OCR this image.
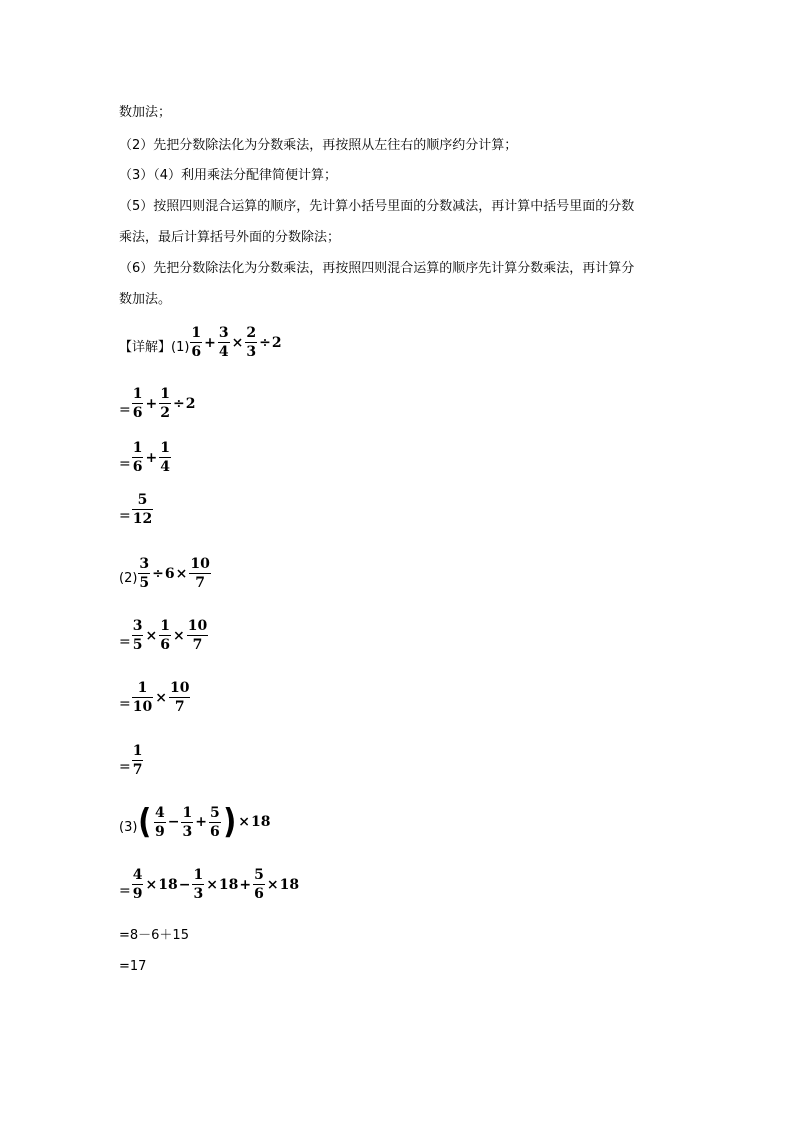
数加法；
（2）先把分数除法化为分数乘法，再按照从左往右的顺序约分计算；
（3）（4）利用乘法分配律简便计算；
（5）按照四则混合运算的顺序，先计算小括号里面的分数减法，再计算中括号里面的分数
乘法，最后计算括号外面的分数除法；
（6）先把分数除法化为分数乘法，再按照四则混合运算的顺序先计算分数乘法，再计算分
数加法。
【详解】$(1) \frac{1}{6} + \frac{3}{4} \times \frac{2}{3} \div 2$
= $\frac{1}{6} + \frac{1}{2} \div 2$
= $\frac{1}{6} + \frac{1}{4}$
= $\frac{5}{12}$
$(2) \frac{3}{5} \div 6 \times \frac{10}{7}$
= $\frac{3}{5} \times \frac{1}{6} \times \frac{10}{7}$
= $\frac{1}{10} \times \frac{10}{7}$
= $\frac{1}{7}$
(3) ( $\frac{4}{9} - \frac{1}{3} + \frac{5}{6}$ ) × 18
= $\frac{4}{9} \times 18 - \frac{1}{3} \times 18 + \frac{5}{6} \times 18$
=8－6＋15
=17
